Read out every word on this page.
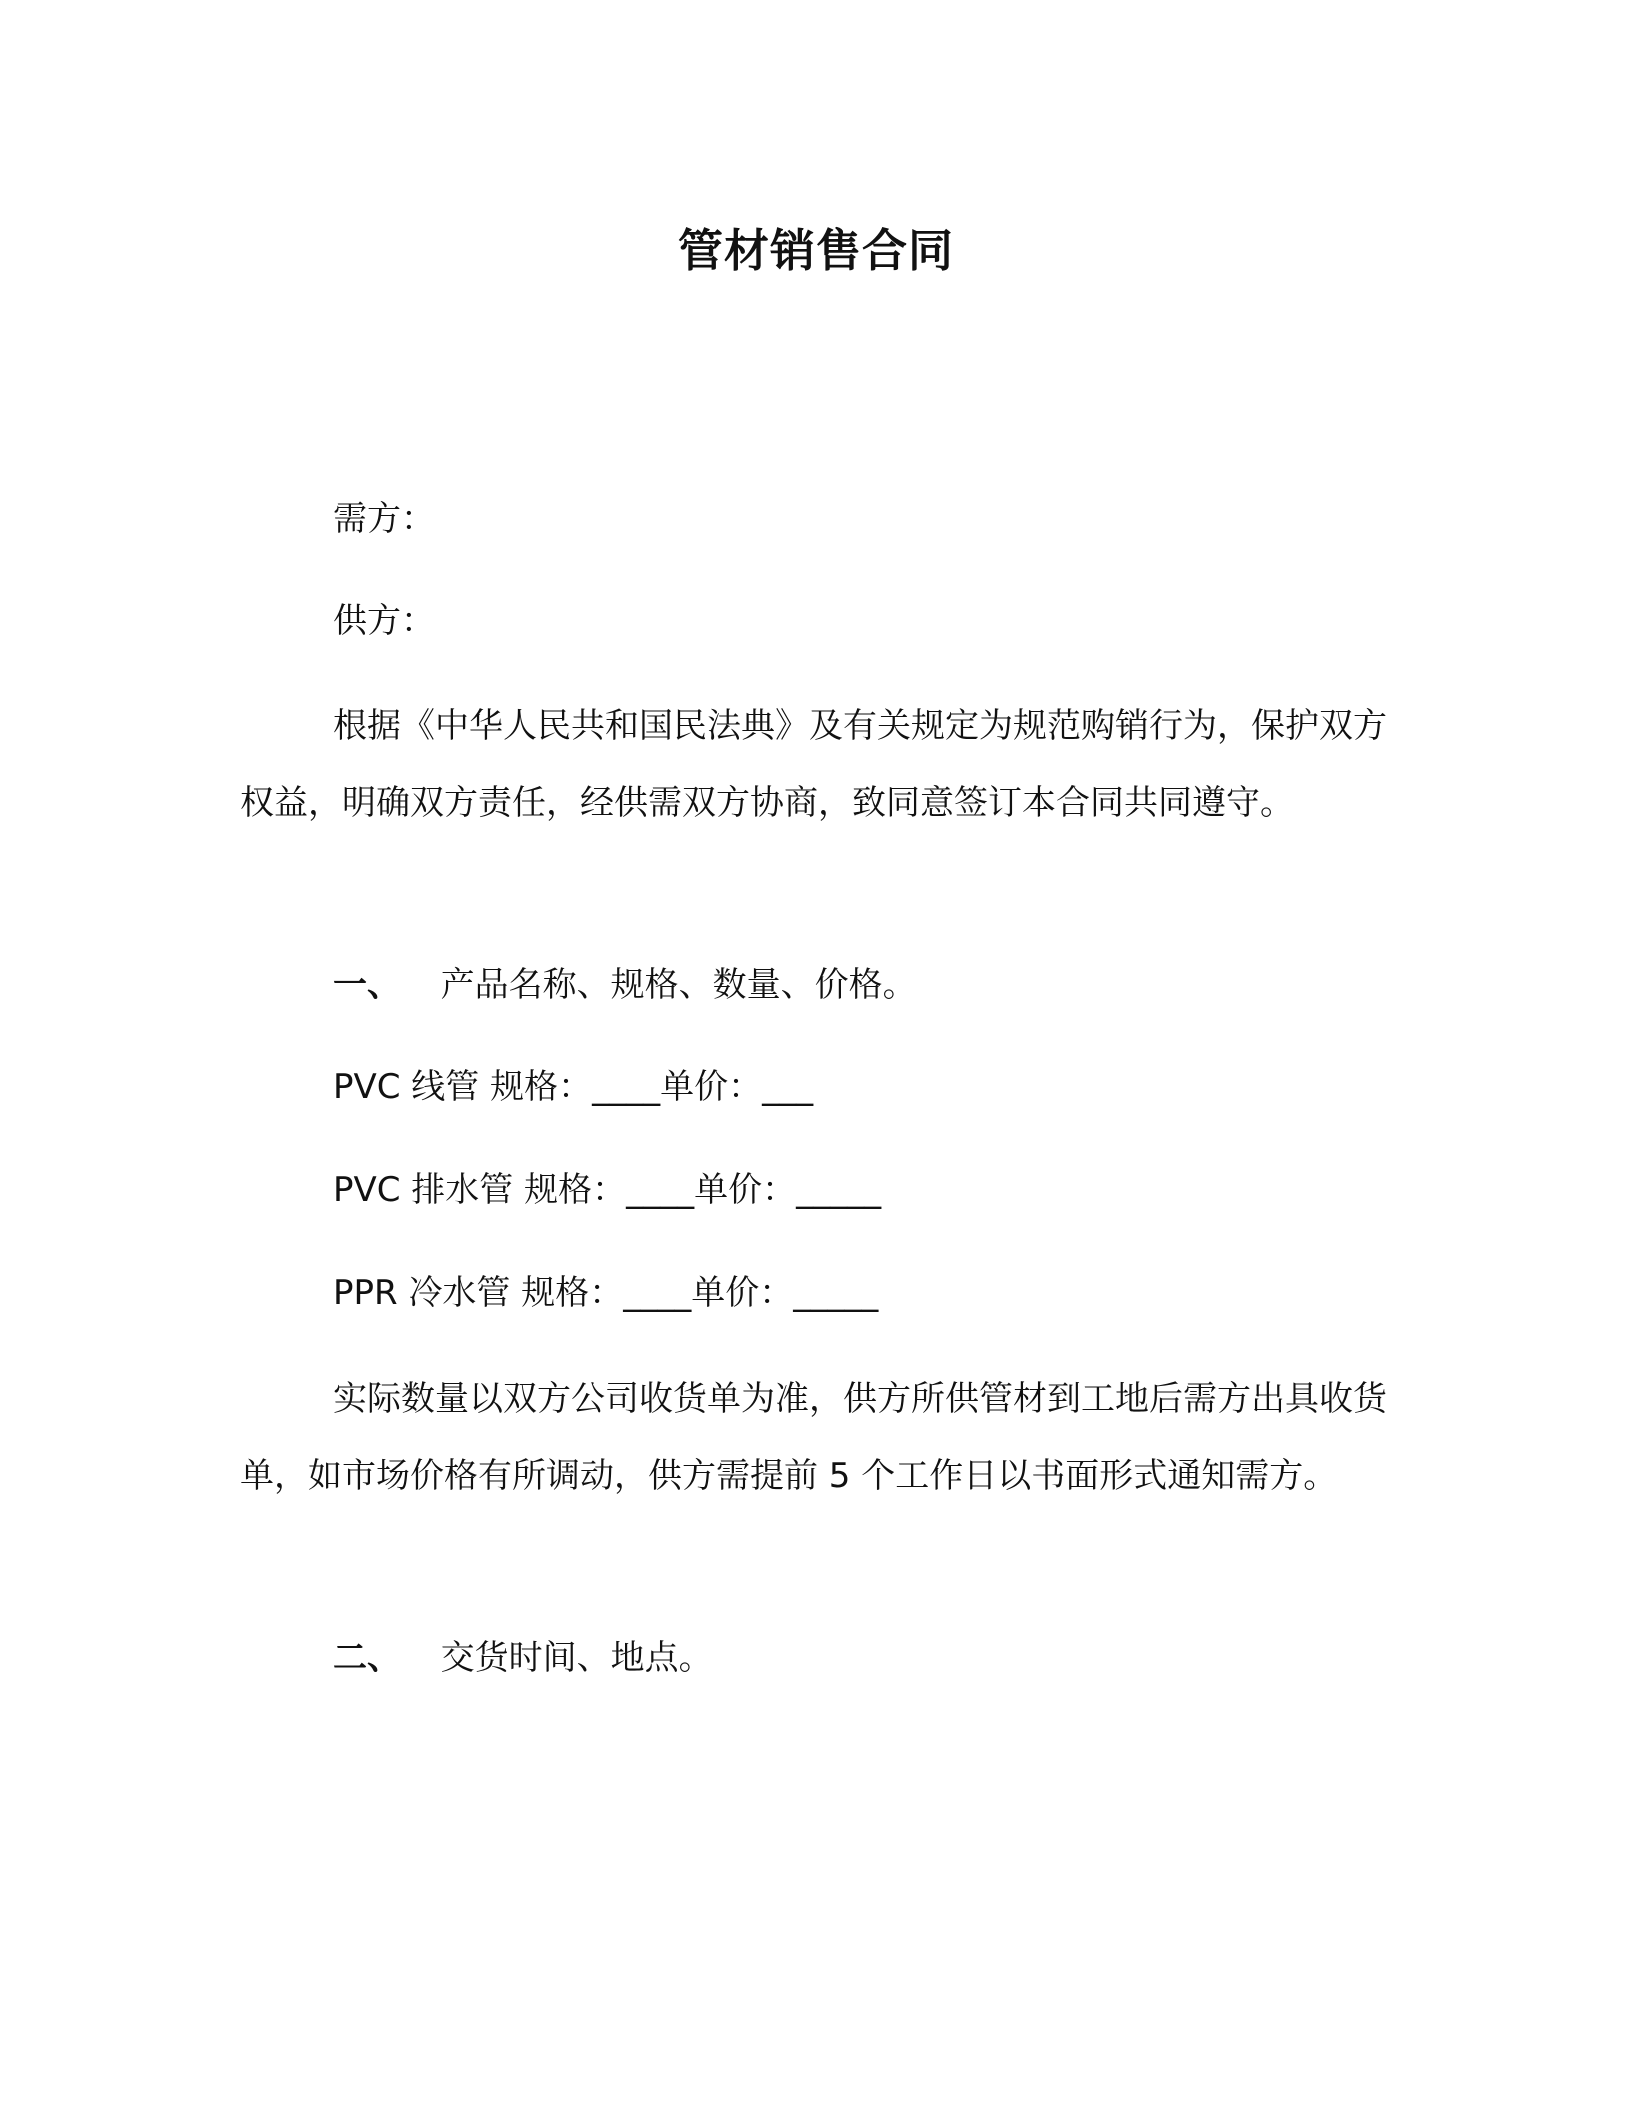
管材销售合同
需方：
供方：
根据《中华人民共和国民法典》及有关规定为规范购销行为，保护双方权益，明确双方责任，经供需双方协商，致同意签订本合同共同遵守。
一、 产品名称、规格、数量、价格。
PVC 线管 规格：____单价：___
PVC 排水管 规格：____单价：_____
PPR 冷水管 规格：____单价：_____
实际数量以双方公司收货单为准，供方所供管材到工地后需方出具收货单，如市场价格有所调动，供方需提前 5 个工作日以书面形式通知需方。
二、 交货时间、地点。
